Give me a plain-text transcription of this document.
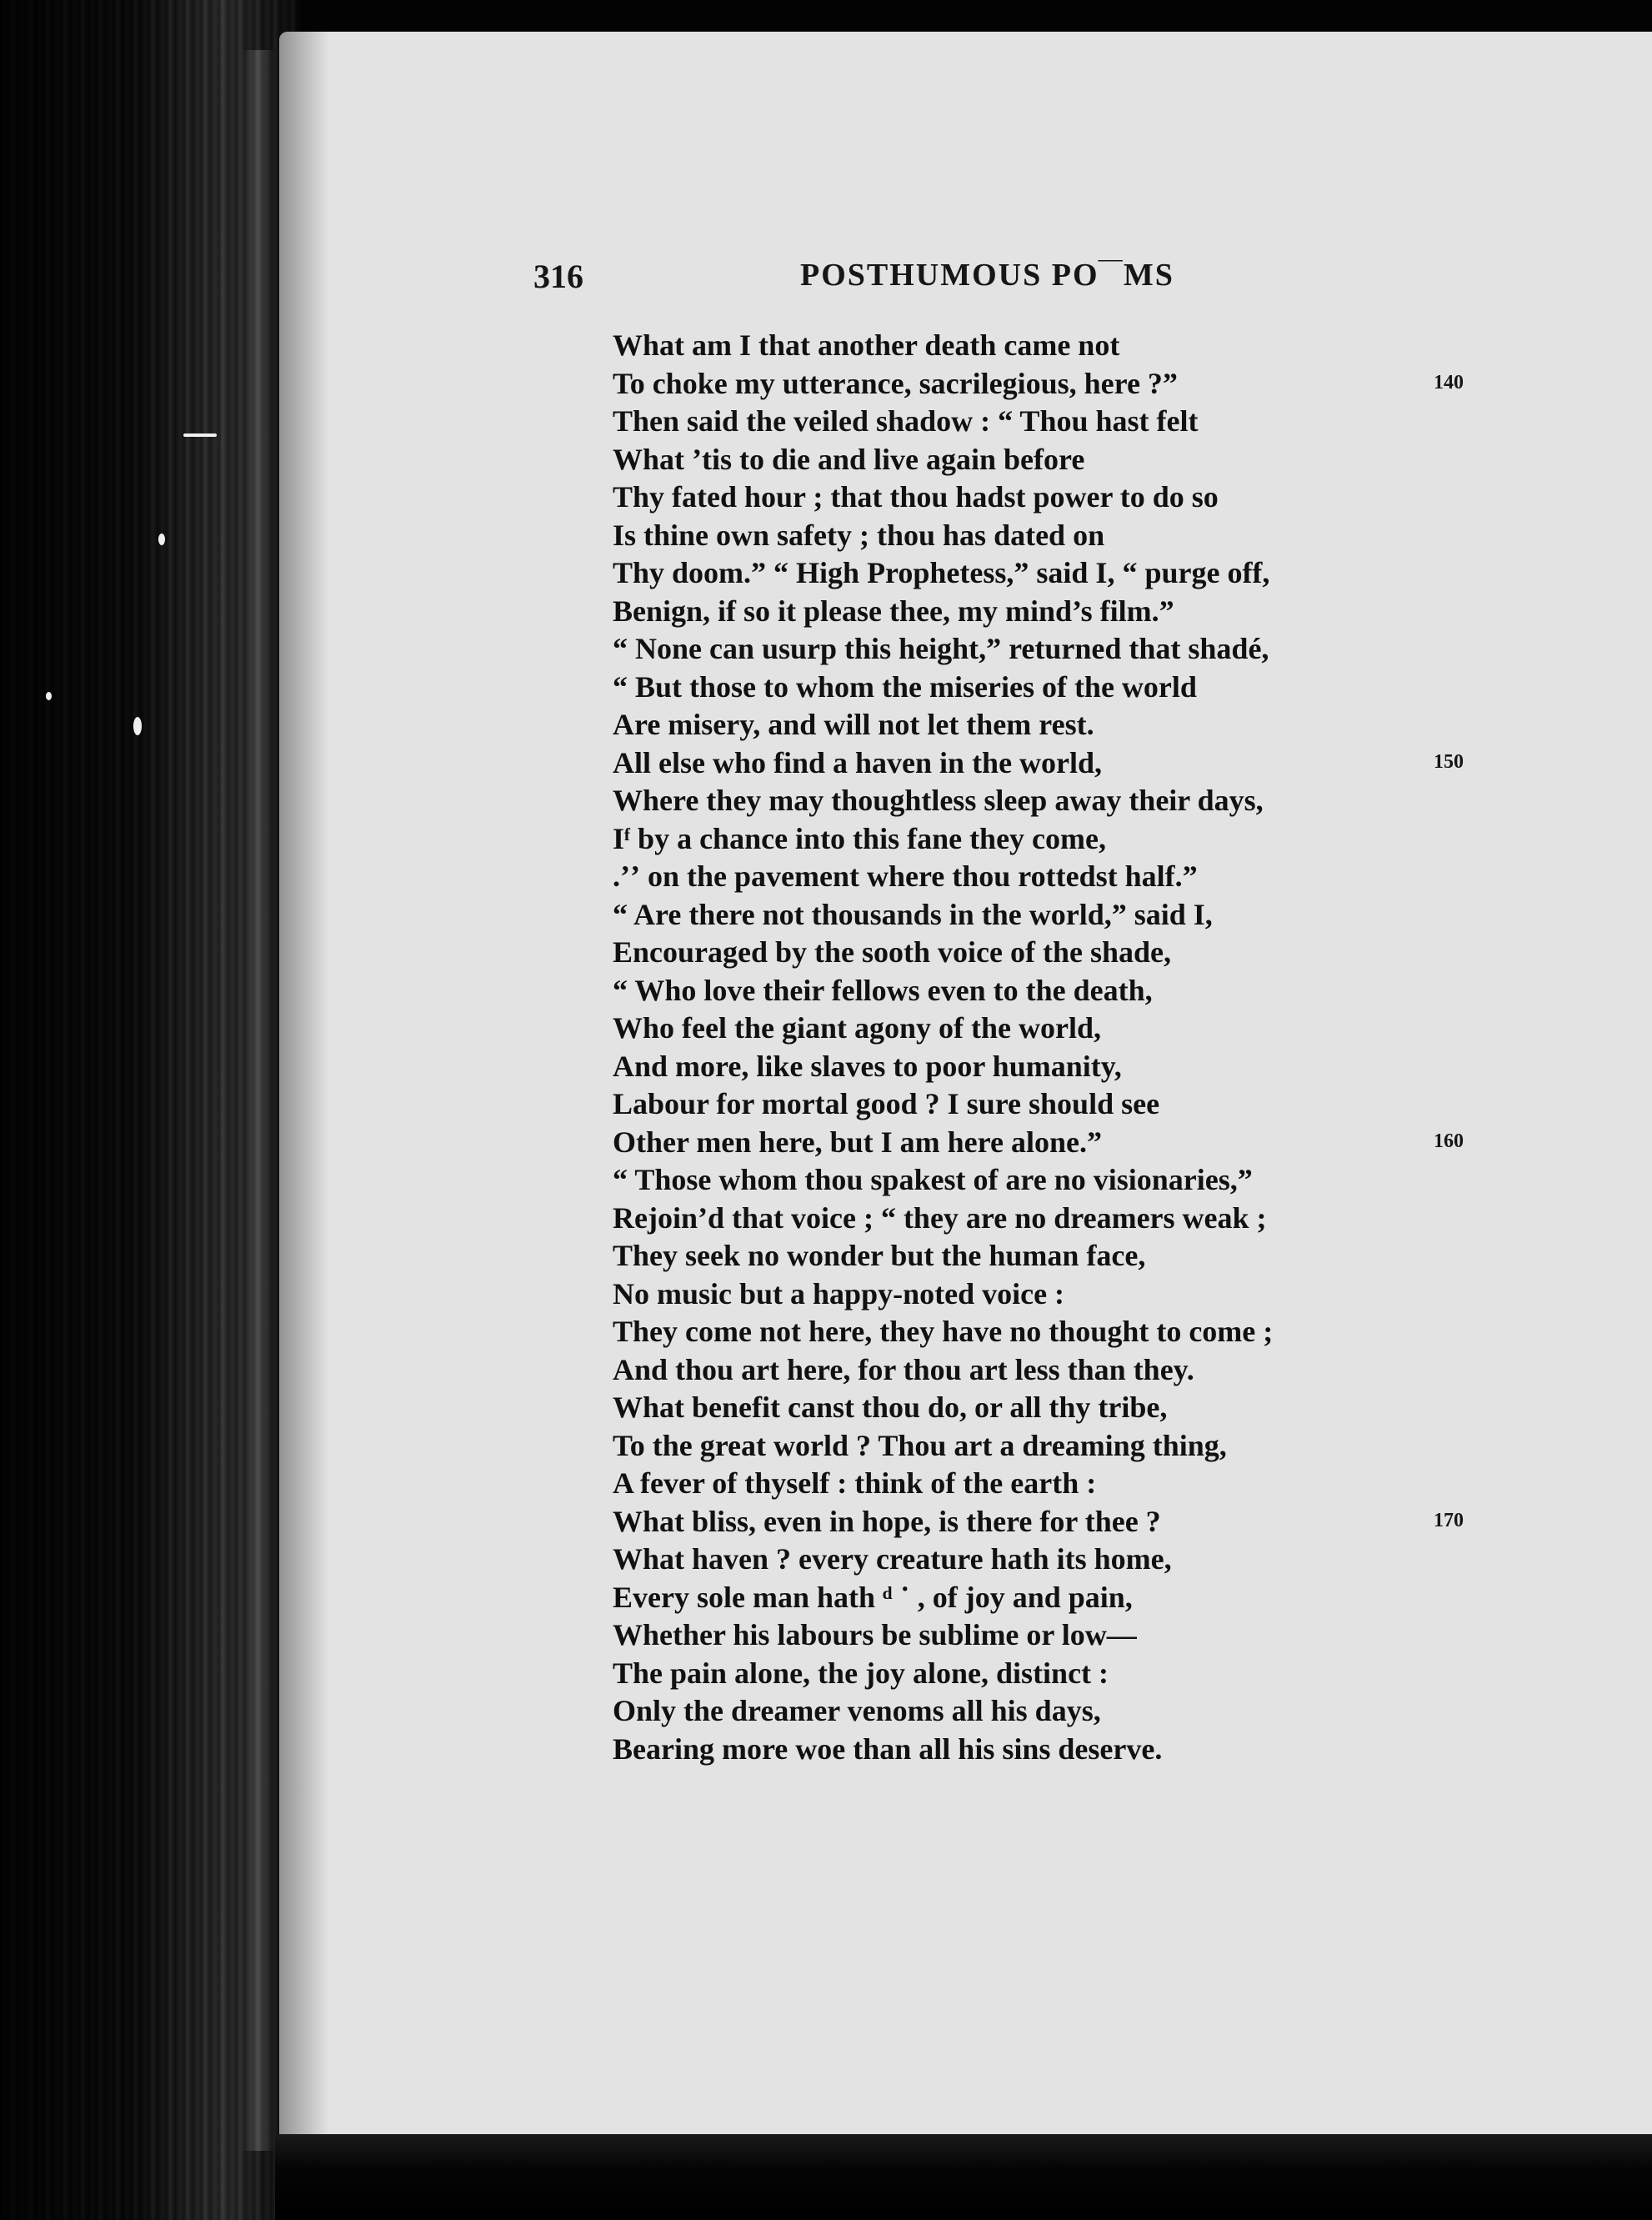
316	POSTHUMOUS PO‾‾MS
What am I that another death came not
To choke my utterance, sacrilegious, here ?”
Then said the veiled shadow : “ Thou hast felt
What ’tis to die and live again before
Thy fated hour ; that thou hadst power to do so
Is thine own safety ; thou has dated on
Thy doom.” “ High Prophetess,” said I, “ purge off,
Benign, if so it please thee, my mind’s film.”
“ None can usurp this height,” returned that shadé,
“ But those to whom the miseries of the world
Are misery, and will not let them rest.
All else who find a haven in the world,
Where they may thoughtless sleep away their days,
Iᶠ by a chance into this fane they come,
.ʼʼ on the pavement where thou rottedst half.”
“ Are there not thousands in the world,” said I,
Encouraged by the sooth voice of the shade,
“ Who love their fellows even to the death,
Who feel the giant agony of the world,
And more, like slaves to poor humanity,
Labour for mortal good ? I sure should see
Other men here, but I am here alone.”
“ Those whom thou spakest of are no visionaries,”
Rejoin’d that voice ; “ they are no dreamers weak ;
They seek no wonder but the human face,
No music but a happy-noted voice :
They come not here, they have no thought to come ;
And thou art here, for thou art less than they.
What benefit canst thou do, or all thy tribe,
To the great world ? Thou art a dreaming thing,
A fever of thyself : think of the earth :
What bliss, even in hope, is there for thee ?
What haven ? every creature hath its home,
Every sole man hath ᵈ ˙ , of joy and pain,
Whether his labours be sublime or low—
The pain alone, the joy alone, distinct :
Only the dreamer venoms all his days,
Bearing more woe than all his sins deserve.
140
150
160
170
